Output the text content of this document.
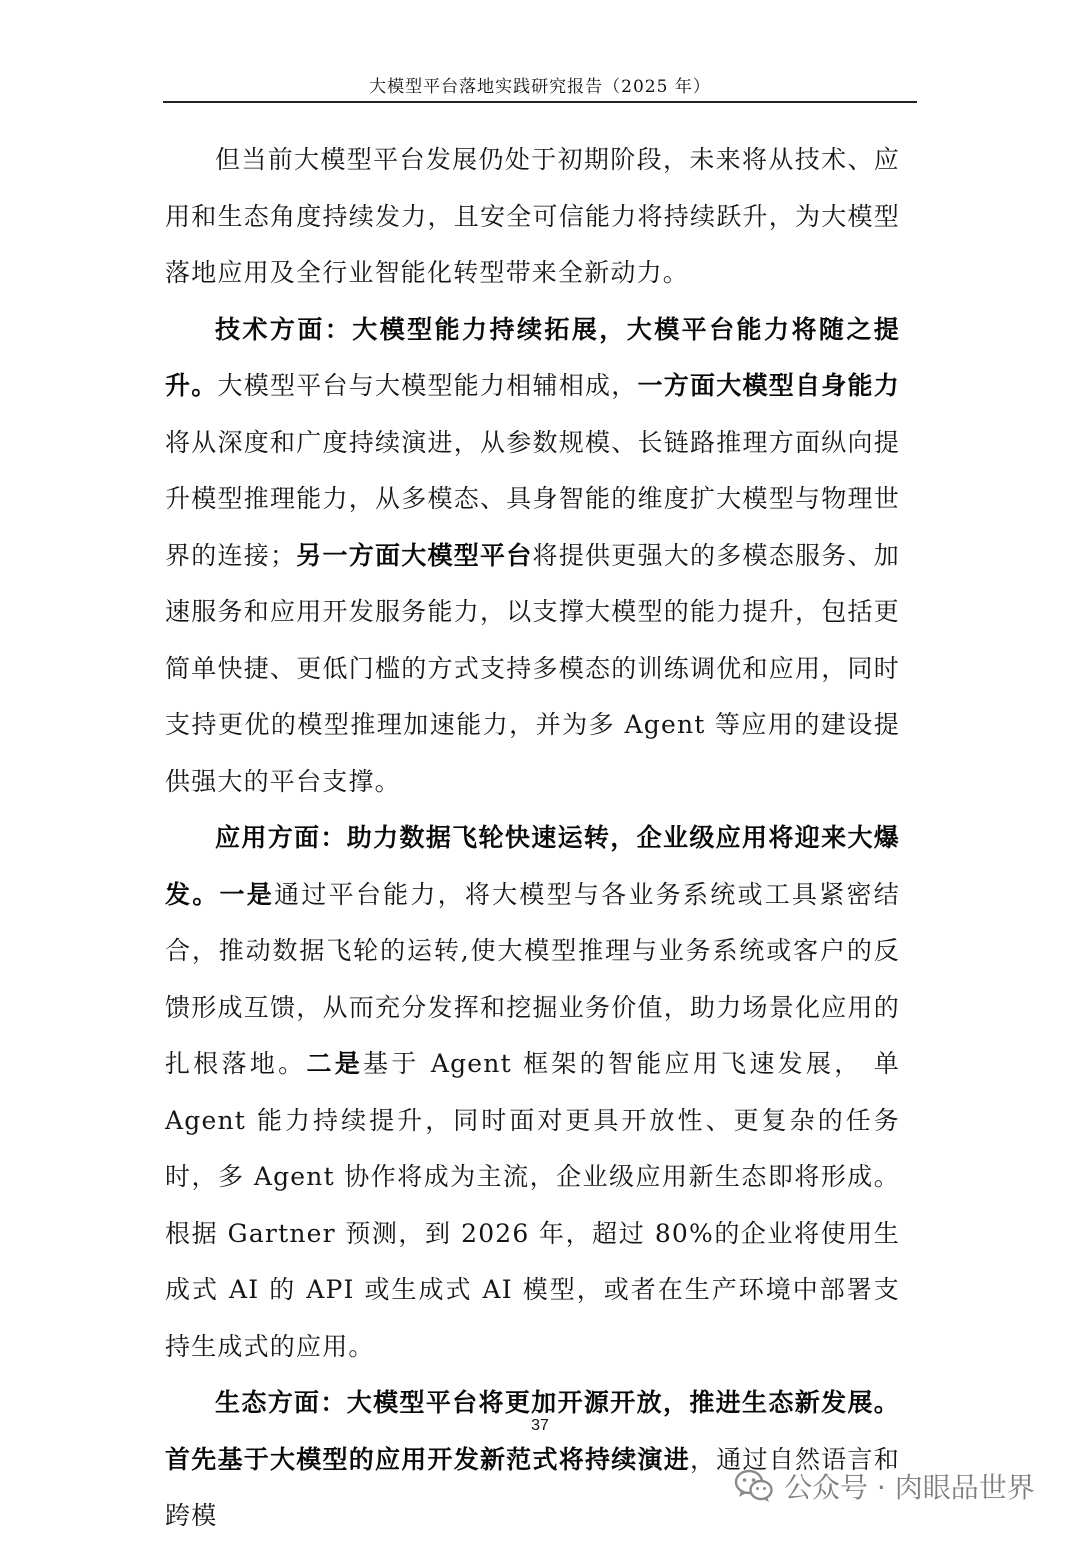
大模型平台落地实践研究报告（2025 年）

但当前大模型平台发展仍处于初期阶段，未来将从技术、应用和生态角度持续发力，且安全可信能力将持续跃升，为大模型落地应用及全行业智能化转型带来全新动力。

技术方面：大模型能力持续拓展，大模平台能力将随之提升。大模型平台与大模型能力相辅相成，一方面大模型自身能力将从深度和广度持续演进，从参数规模、长链路推理方面纵向提升模型推理能力，从多模态、具身智能的维度扩大模型与物理世界的连接；另一方面大模型平台将提供更强大的多模态服务、加速服务和应用开发服务能力，以支撑大模型的能力提升，包括更简单快捷、更低门槛的方式支持多模态的训练调优和应用，同时支持更优的模型推理加速能力，并为多 Agent 等应用的建设提供强大的平台支撑。

应用方面：助力数据飞轮快速运转，企业级应用将迎来大爆发。一是通过平台能力，将大模型与各业务系统或工具紧密结合，推动数据飞轮的运转,使大模型推理与业务系统或客户的反馈形成互馈，从而充分发挥和挖掘业务价值，助力场景化应用的扎根落地。二是基于 Agent 框架的智能应用飞速发展， 单 Agent 能力持续提升，同时面对更具开放性、更复杂的任务时，多 Agent 协作将成为主流，企业级应用新生态即将形成。根据 Gartner 预测，到 2026 年，超过 80%的企业将使用生成式 AI 的 API 或生成式 AI 模型，或者在生产环境中部署支持生成式的应用。

生态方面：大模型平台将更加开源开放，推进生态新发展。首先基于大模型的应用开发新范式将持续演进，通过自然语言和跨模

37
公众号 · 肉眼品世界
